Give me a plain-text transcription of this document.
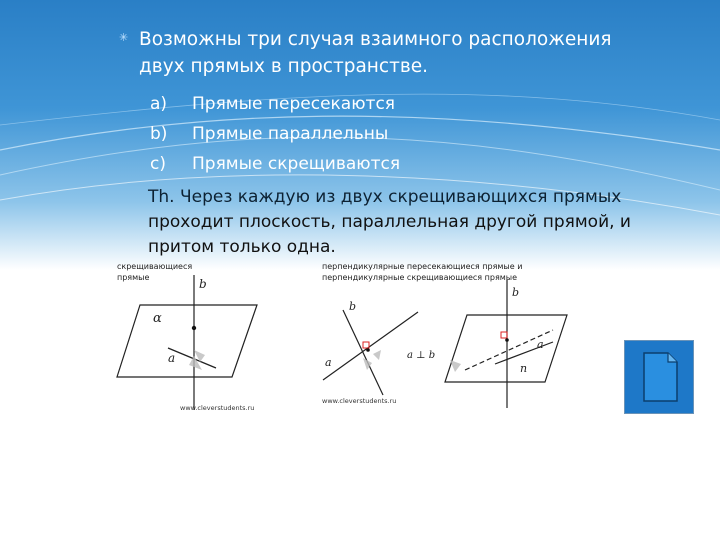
✳ Возможны три случая взаимного расположения
двух прямых в пространстве.
a) Прямые пересекаются
b) Прямые параллельны
c) Прямые скрещиваются
Th. Через каждую из двух скрещивающихся прямых
проходит плоскость, параллельная другой прямой, и
притом только одна.
скрещивающиеся
прямые	b
α
a
www.cleverstudents.ru
перпендикулярные пересекающиеся прямые и
перпендикулярные скрещивающиеся прямые
b
a
a ⊥ b
b
a
n
www.cleverstudents.ru
